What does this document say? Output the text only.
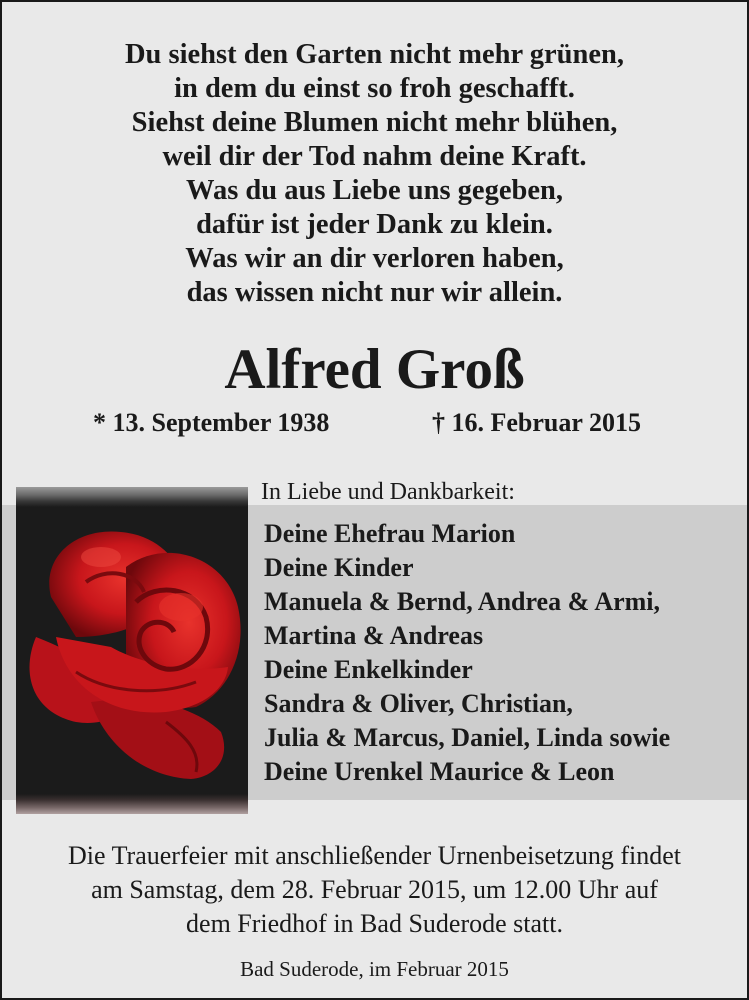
Du siehst den Garten nicht mehr grünen,
in dem du einst so froh geschafft.
Siehst deine Blumen nicht mehr blühen,
weil dir der Tod nahm deine Kraft.
Was du aus Liebe uns gegeben,
dafür ist jeder Dank zu klein.
Was wir an dir verloren haben,
das wissen nicht nur wir allein.
Alfred Groß
* 13. September 1938	† 16. Februar 2015
In Liebe und Dankbarkeit:
Deine Ehefrau Marion
Deine Kinder
Manuela & Bernd, Andrea & Armi,
Martina & Andreas
Deine Enkelkinder
Sandra & Oliver, Christian,
Julia & Marcus, Daniel, Linda sowie
Deine Urenkel Maurice & Leon
Die Trauerfeier mit anschließender Urnenbeisetzung findet
am Samstag, dem 28. Februar 2015, um 12.00 Uhr auf
dem Friedhof in Bad Suderode statt.
Bad Suderode, im Februar 2015
